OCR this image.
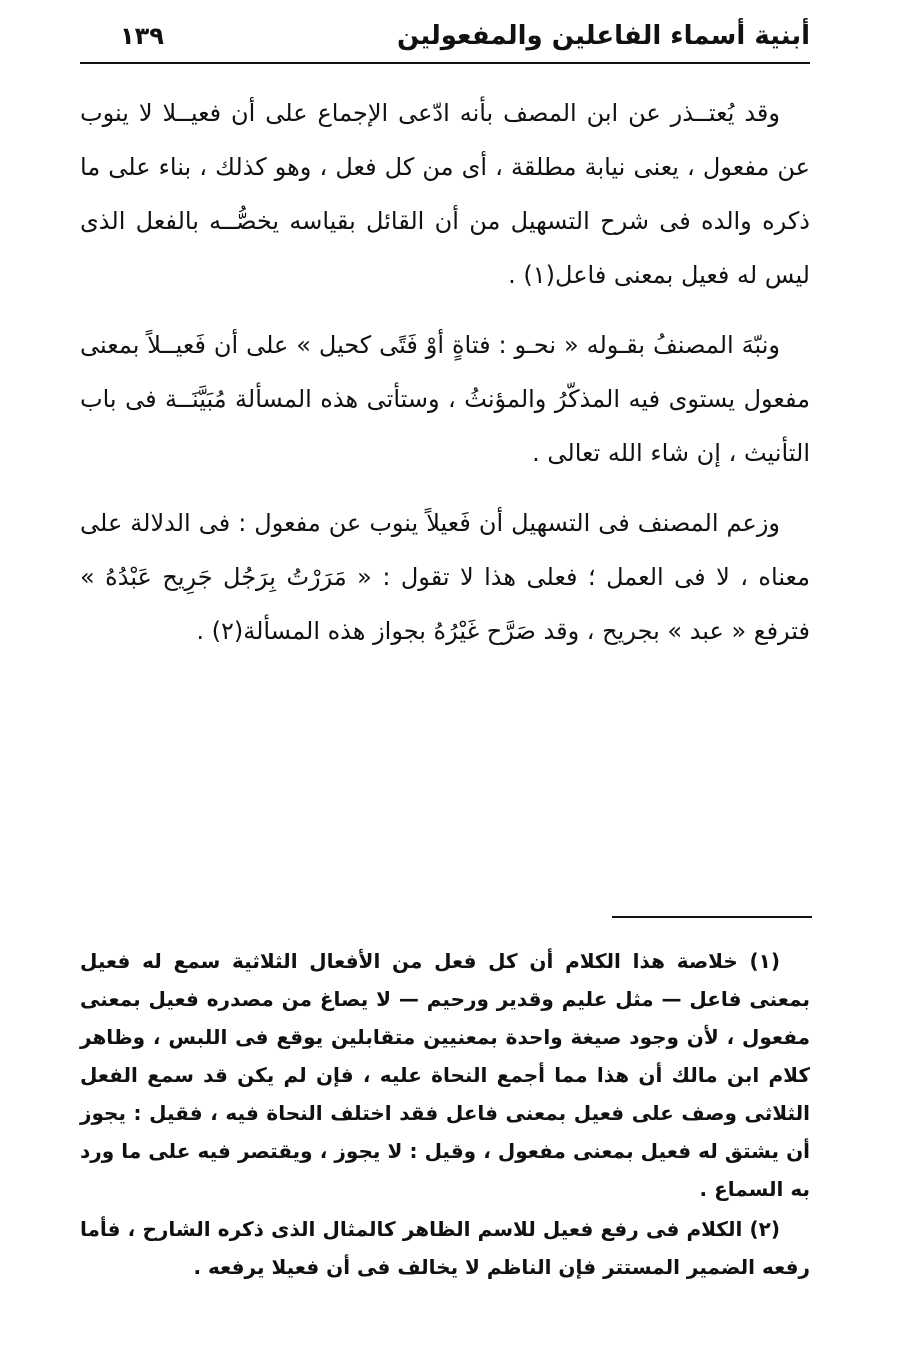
أبنية أسماء الفاعلين والمفعولين
١٣٩

وقد يُعتــذر عن ابن المصف بأنه ادّعى الإجماع على أن فعيــلا لا ينوب عن مفعول ، يعنى نيابة مطلقة ، أى من كل فعل ، وهو كذلك ، بناء على ما ذكره والده فى شرح التسهيل من أن القائل بقياسه يخصُّــه بالفعل الذى ليس له فعيل بمعنى فاعل(١) .

ونبّهَ المصنفُ بقـوله « نحـو : فتاةٍ أوْ فَتًى كحيل » على أن فَعيــلاً بمعنى مفعول يستوى فيه المذكّرُ والمؤنثُ ، وستأتى هذه المسألة مُبَيَّنَــة فى باب التأنيث ، إن شاء الله تعالى .

وزعم المصنف فى التسهيل أن فَعيلاً ينوب عن مفعول : فى الدلالة على معناه ، لا فى العمل ؛ فعلى هذا لا تقول : « مَرَرْتُ بِرَجُل جَرِيح عَبْدُهُ » فترفع « عبد » بجريح ، وقد صَرَّح غَيْرُهُ بجواز هذه المسألة(٢) .

(١) خلاصة هذا الكلام أن كل فعل من الأفعال الثلاثية سمع له فعيل بمعنى فاعل — مثل عليم وقدير ورحيم — لا يصاغ من مصدره فعيل بمعنى مفعول ، لأن وجود صيغة واحدة بمعنيين متقابلين يوقع فى اللبس ، وظاهر كلام ابن مالك أن هذا مما أجمع النحاة عليه ، فإن لم يكن قد سمع الفعل الثلاثى وصف على فعيل بمعنى فاعل فقد اختلف النحاة فيه ، فقيل : يجوز أن يشتق له فعيل بمعنى مفعول ، وقيل : لا يجوز ، ويقتصر فيه على ما ورد به السماع .

(٢) الكلام فى رفع فعيل للاسم الظاهر كالمثال الذى ذكره الشارح ، فأما رفعه الضمير المستتر فإن الناظم لا يخالف فى أن فعيلا يرفعه .
